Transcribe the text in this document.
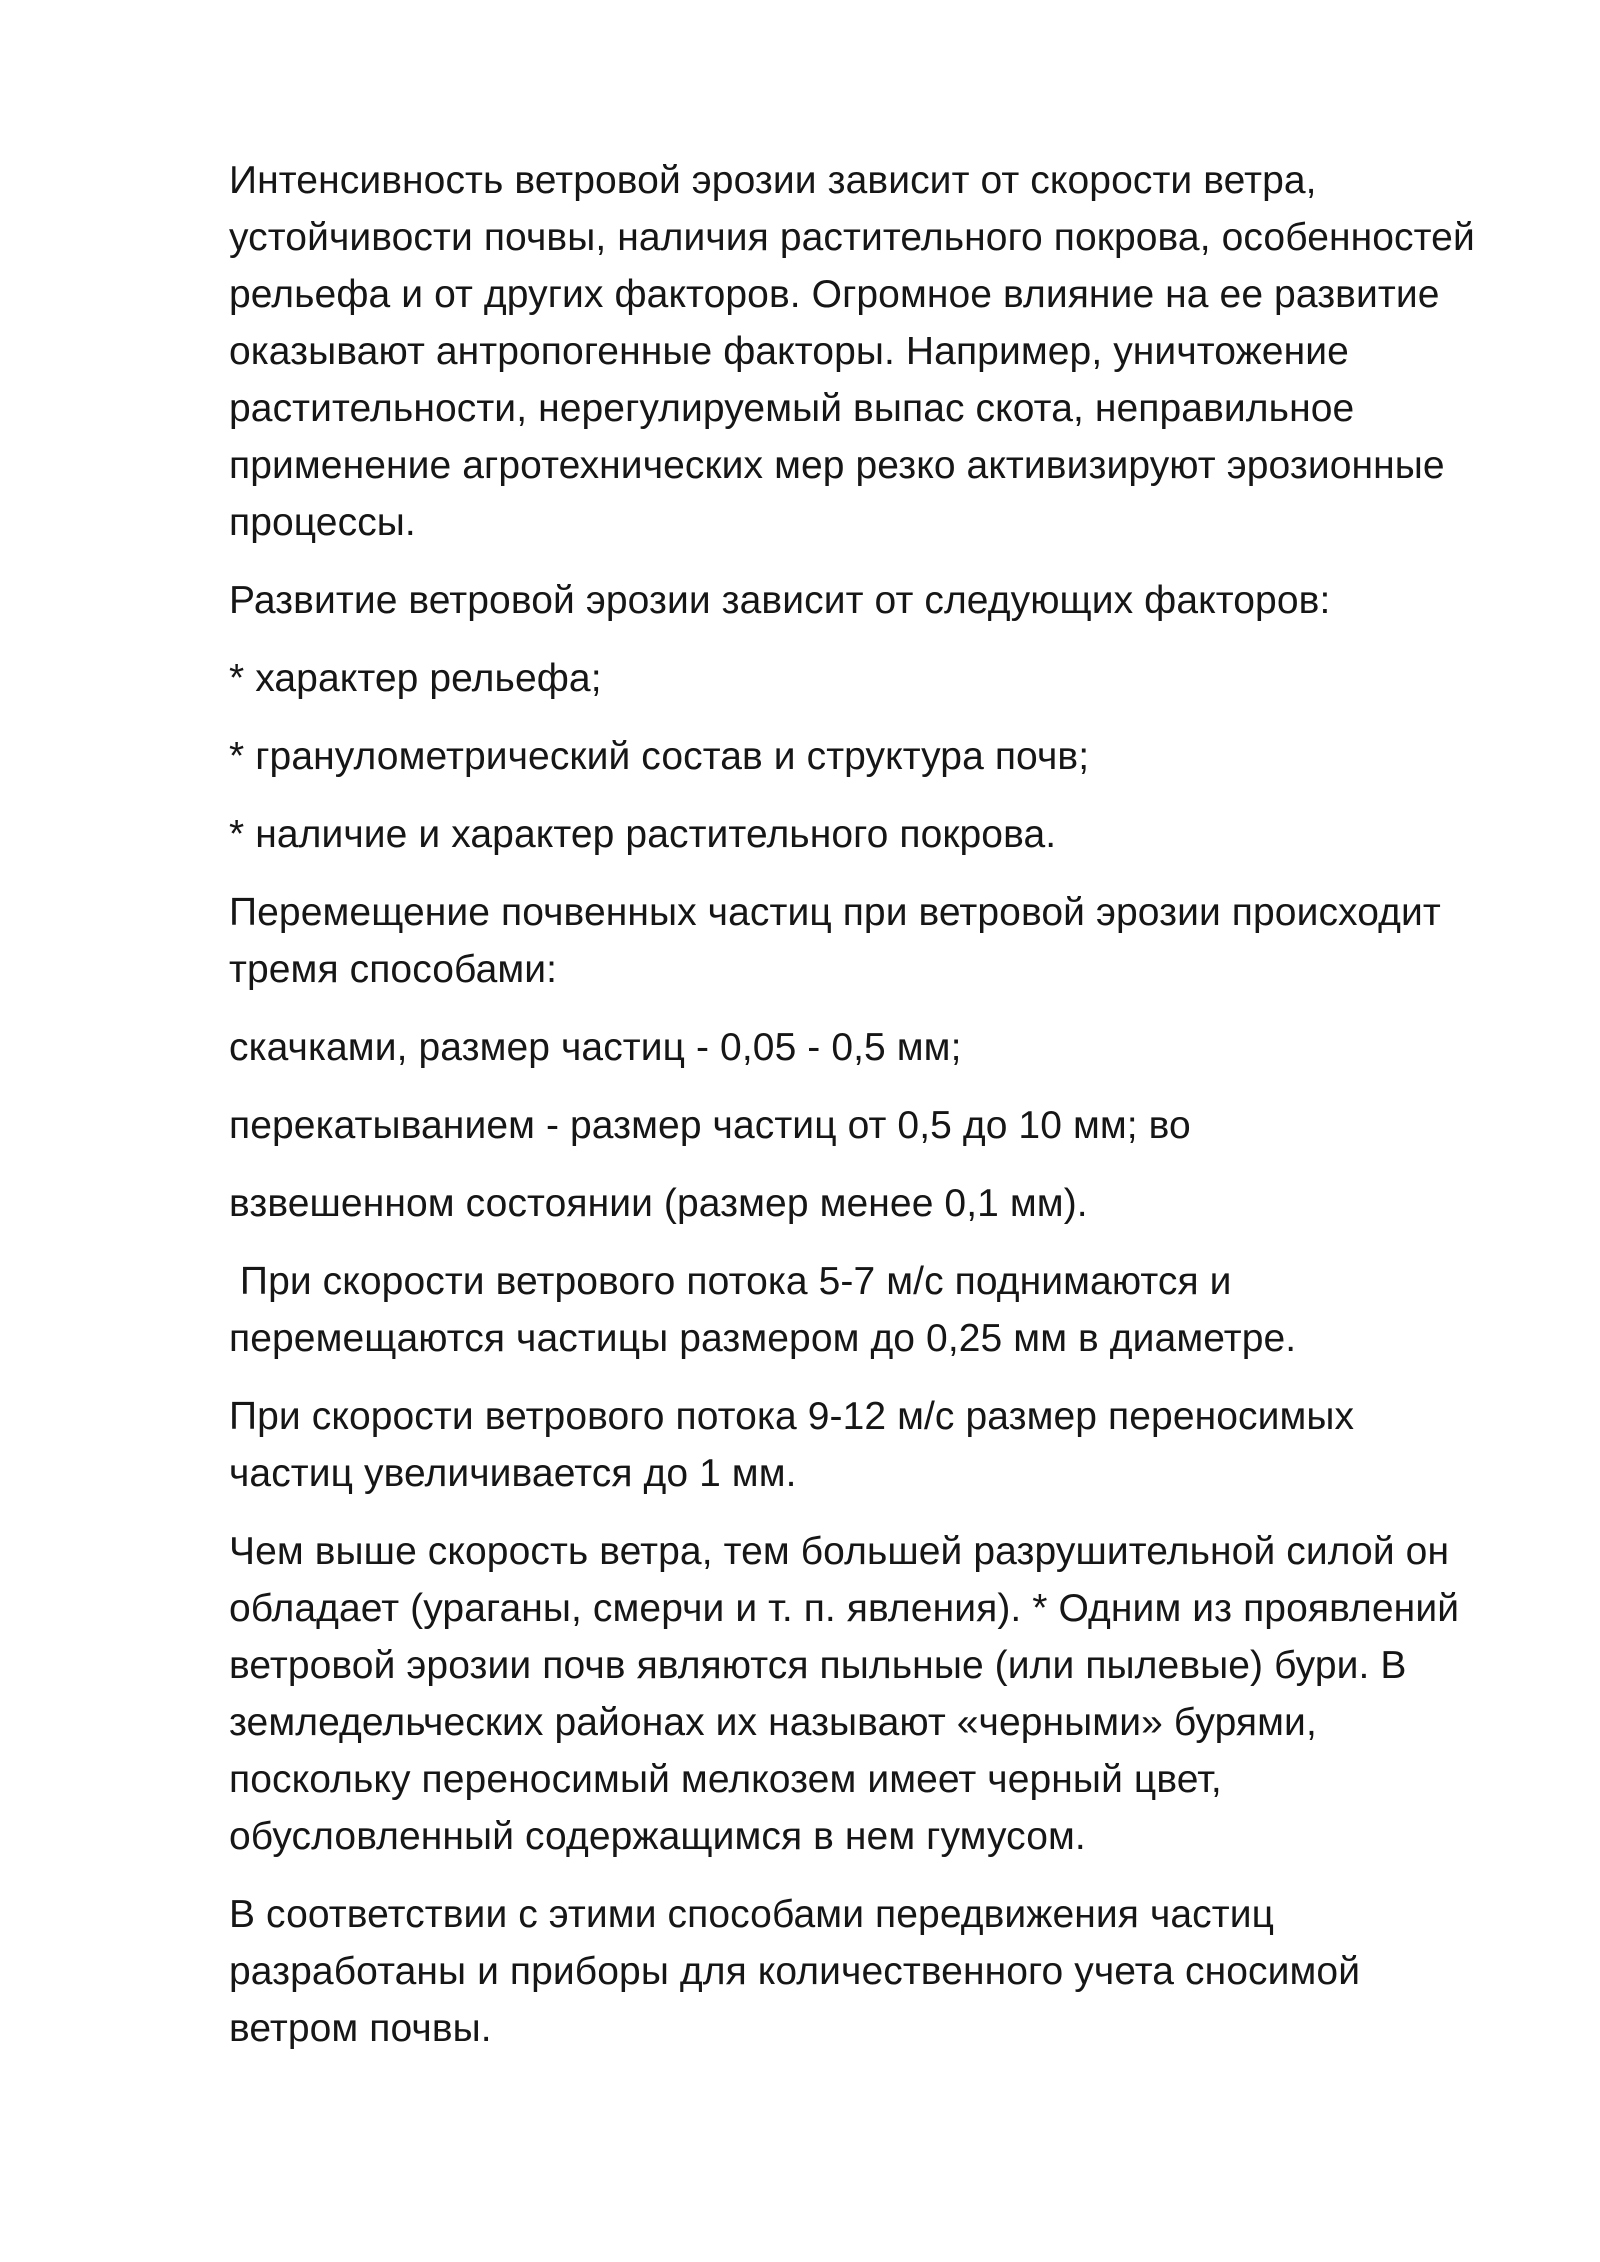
Интенсивность ветровой эрозии зависит от скорости ветра,
устойчивости почвы, наличия растительного покрова, особенностей
рельефа и от других факторов. Огромное влияние на ее развитие
оказывают антропогенные факторы. Например, уничтожение
растительности, нерегулируемый выпас скота, неправильное
применение агротехнических мер резко активизируют эрозионные
процессы.

Развитие ветровой эрозии зависит от следующих факторов:

* характер рельефа;

* гранулометрический состав и структура почв;

* наличие и характер растительного покрова.

Перемещение почвенных частиц при ветровой эрозии происходит
тремя способами:

скачками, размер частиц - 0,05 - 0,5 мм;

перекатыванием - размер частиц от 0,5 до 10 мм; во

взвешенном состоянии (размер менее 0,1 мм).

При скорости ветрового потока 5-7 м/с поднимаются и
перемещаются частицы размером до 0,25 мм в диаметре.

При скорости ветрового потока 9-12 м/с размер переносимых
частиц увеличивается до 1 мм.

Чем выше скорость ветра, тем большей разрушительной силой он
обладает (ураганы, смерчи и т. п. явления). * Одним из проявлений
ветровой эрозии почв являются пыльные (или пылевые) бури. В
земледельческих районах их называют «черными» бурями,
поскольку переносимый мелкозем имеет черный цвет,
обусловленный содержащимся в нем гумусом.

В соответствии с этими способами передвижения частиц
разработаны и приборы для количественного учета сносимой
ветром почвы.
